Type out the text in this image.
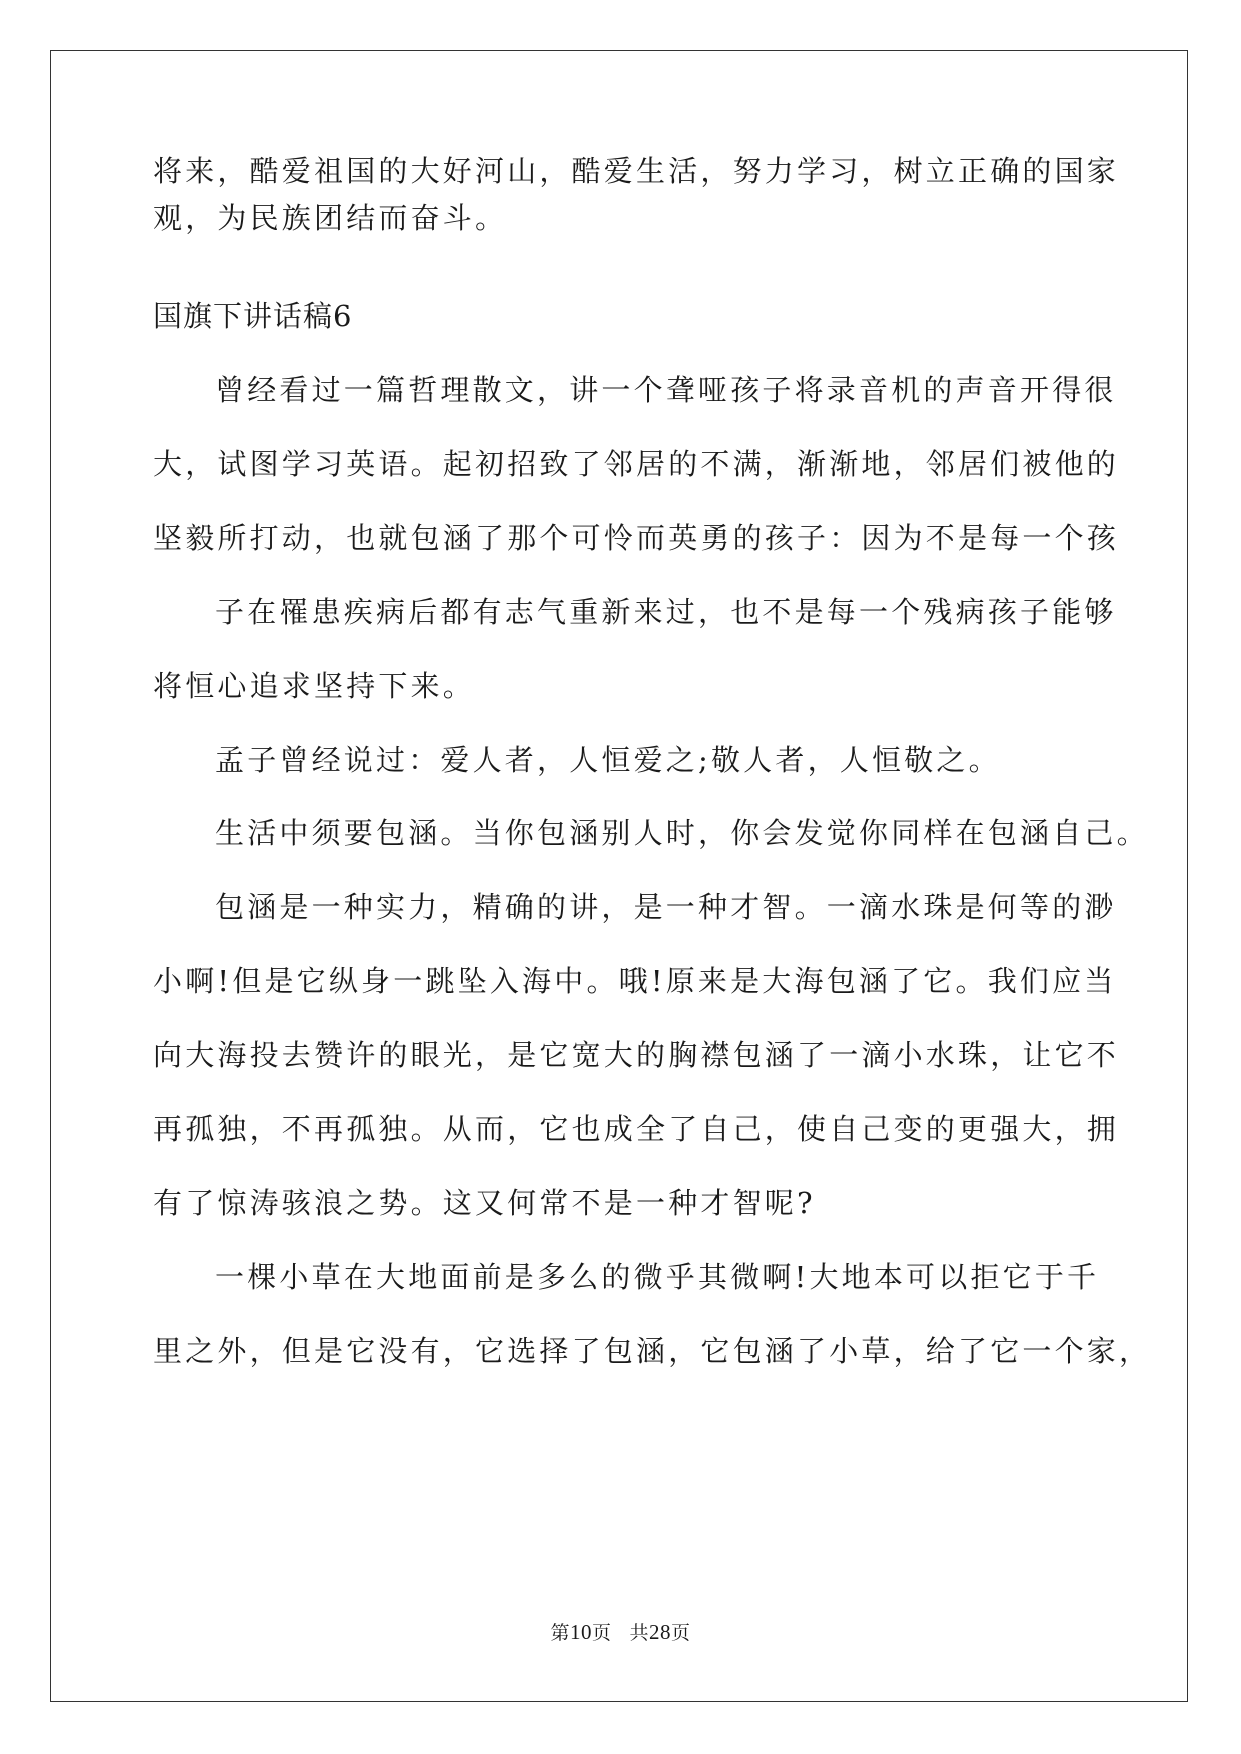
将来，酷爱祖国的大好河山，酷爱生活，努力学习，树立正确的国家
观，为民族团结而奋斗。
国旗下讲话稿6
曾经看过一篇哲理散文，讲一个聋哑孩子将录音机的声音开得很
大，试图学习英语。起初招致了邻居的不满，渐渐地，邻居们被他的
坚毅所打动，也就包涵了那个可怜而英勇的孩子：因为不是每一个孩
子在罹患疾病后都有志气重新来过，也不是每一个残病孩子能够
将恒心追求坚持下来。
孟子曾经说过：爱人者，人恒爱之;敬人者，人恒敬之。
生活中须要包涵。当你包涵别人时，你会发觉你同样在包涵自己。
包涵是一种实力，精确的讲，是一种才智。一滴水珠是何等的渺
小啊!但是它纵身一跳坠入海中。哦!原来是大海包涵了它。我们应当
向大海投去赞许的眼光，是它宽大的胸襟包涵了一滴小水珠，让它不
再孤独，不再孤独。从而，它也成全了自己，使自己变的更强大，拥
有了惊涛骇浪之势。这又何常不是一种才智呢?
一棵小草在大地面前是多么的微乎其微啊!大地本可以拒它于千
里之外，但是它没有，它选择了包涵，它包涵了小草，给了它一个家，
第10页 共28页
